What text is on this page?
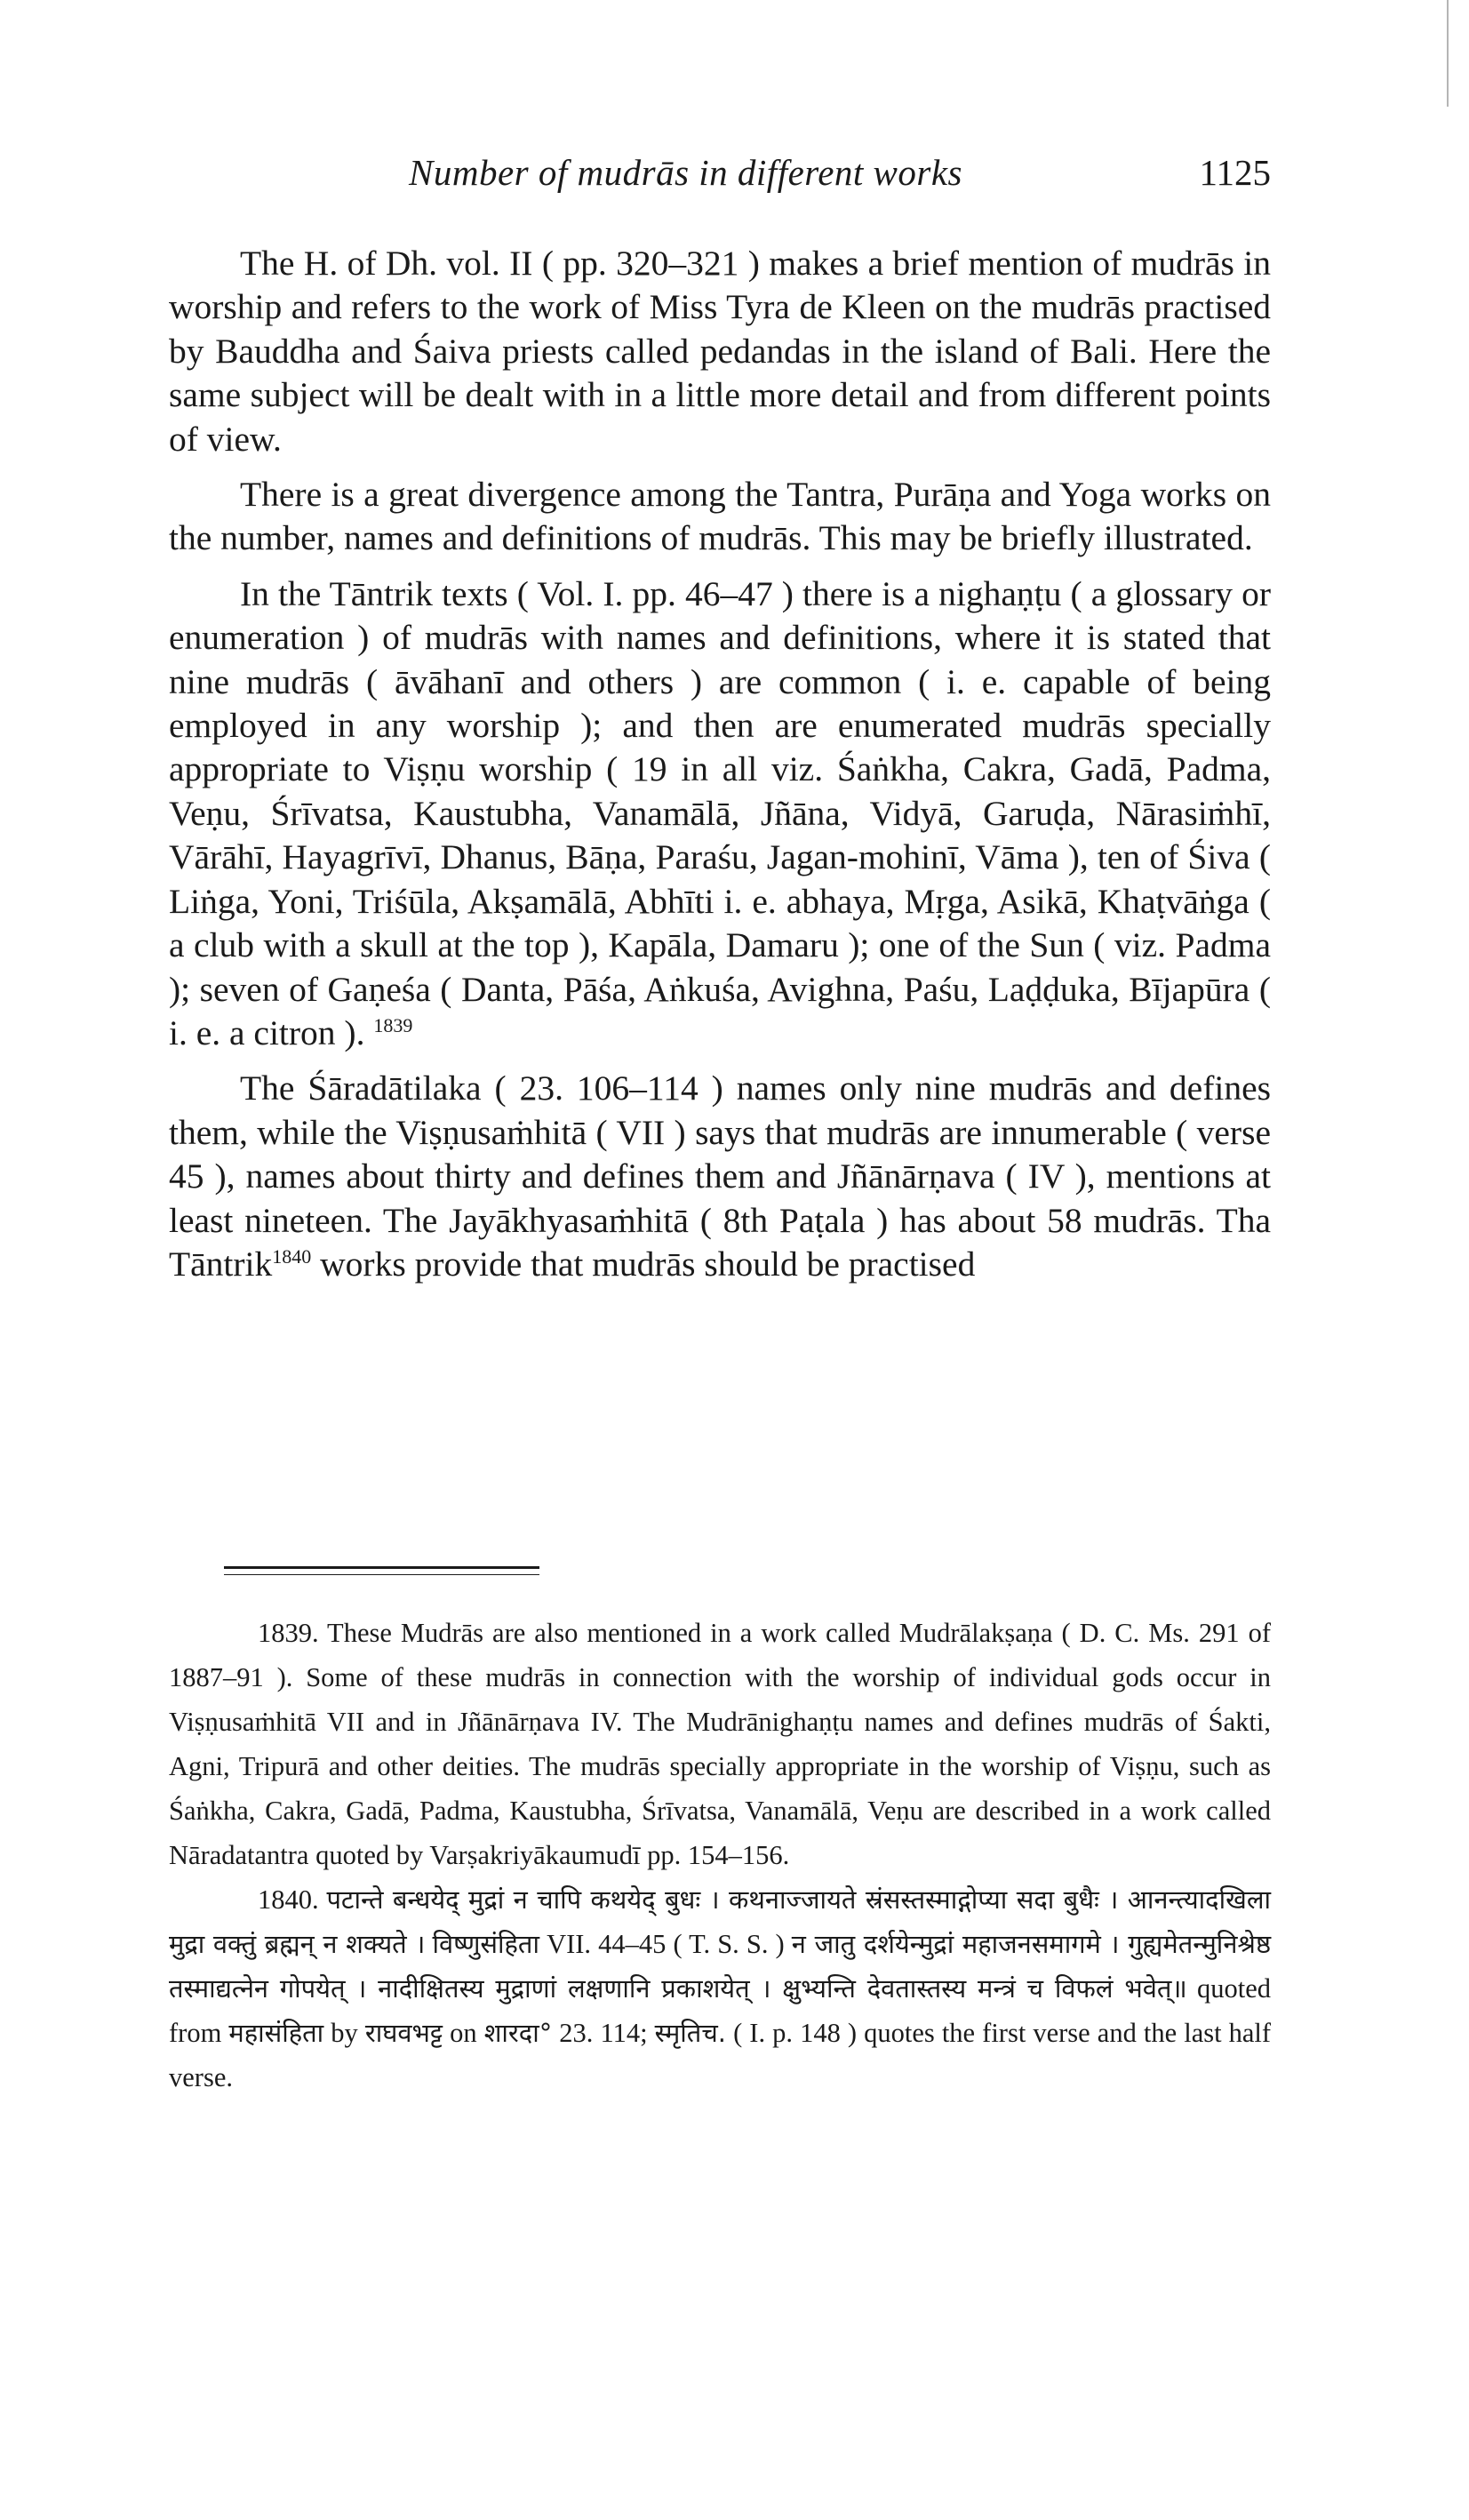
Number of mudrās in different works	1125

The H. of Dh. vol. II ( pp. 320–321 ) makes a brief mention of mudrās in worship and refers to the work of Miss Tyra de Kleen on the mudrās practised by Bauddha and Śaiva priests called pedandas in the island of Bali. Here the same subject will be dealt with in a little more detail and from different points of view.

There is a great divergence among the Tantra, Purāṇa and Yoga works on the number, names and definitions of mudrās. This may be briefly illustrated.

In the Tāntrik texts ( Vol. I. pp. 46–47 ) there is a nighaṇṭu ( a glossary or enumeration ) of mudrās with names and definitions, where it is stated that nine mudrās ( āvāhanī and others ) are common ( i. e. capable of being employed in any worship ); and then are enumerated mudrās specially appropriate to Viṣṇu worship ( 19 in all viz. Śaṅkha, Cakra, Gadā, Padma, Veṇu, Śrīvatsa, Kaustubha, Vanamālā, Jñāna, Vidyā, Garuḍa, Nārasiṁhī, Vārāhī, Hayagrīvī, Dhanus, Bāṇa, Paraśu, Jagan-mohinī, Vāma ), ten of Śiva ( Liṅga, Yoni, Triśūla, Akṣamālā, Abhīti i. e. abhaya, Mṛga, Asikā, Khaṭvāṅga ( a club with a skull at the top ), Kapāla, Damaru ); one of the Sun ( viz. Padma ); seven of Gaṇeśa ( Danta, Pāśa, Aṅkuśa, Avighna, Paśu, Laḍḍuka, Bījapūra ( i. e. a citron ). $^{1839}$

The Śāradātilaka ( 23. 106–114 ) names only nine mudrās and defines them, while the Viṣṇusaṁhitā ( VII ) says that mudrās are innumerable ( verse 45 ), names about thirty and defines them and Jñānārṇava ( IV ), mentions at least nineteen. The Jayākhyasaṁhitā ( 8th Paṭala ) has about 58 mudrās. Tha Tāntrik$^{1840}$ works provide that mudrās should be practised

1839. These Mudrās are also mentioned in a work called Mudrālakṣaṇa ( D. C. Ms. 291 of 1887–91 ). Some of these mudrās in connection with the worship of individual gods occur in Viṣṇusaṁhitā VII and in Jñānārṇava IV. The Mudrānighaṇṭu names and defines mudrās of Śakti, Agni, Tripurā and other deities. The mudrās specially appropriate in the worship of Viṣṇu, such as Śaṅkha, Cakra, Gadā, Padma, Kaustubha, Śrīvatsa, Vanamālā, Veṇu are described in a work called Nāradatantra quoted by Varṣakriyākaumudī pp. 154–156.

1840. पटान्ते बन्धयेद् मुद्रां न चापि कथयेद् बुधः । कथनाज्जायते स्रंसस्तस्माद्गोप्या सदा बुधैः । आनन्त्यादखिला मुद्रा वक्तुं ब्रह्मन् न शक्यते । विष्णुसंहिता VII. 44–45 ( T. S. S. ) न जातु दर्शयेन्मुद्रां महाजनसमागमे । गुह्यमेतन्मुनिश्रेष्ठ तस्माद्यत्नेन गोपयेत् । नादीक्षितस्य मुद्राणां लक्षणानि प्रकाशयेत् । क्षुभ्यन्ति देवतास्तस्य मन्त्रं च विफलं भवेत्॥ quoted from महासंहिता by राघवभट्ट on शारदा° 23. 114; स्मृतिच. ( I. p. 148 ) quotes the first verse and the last half verse.
